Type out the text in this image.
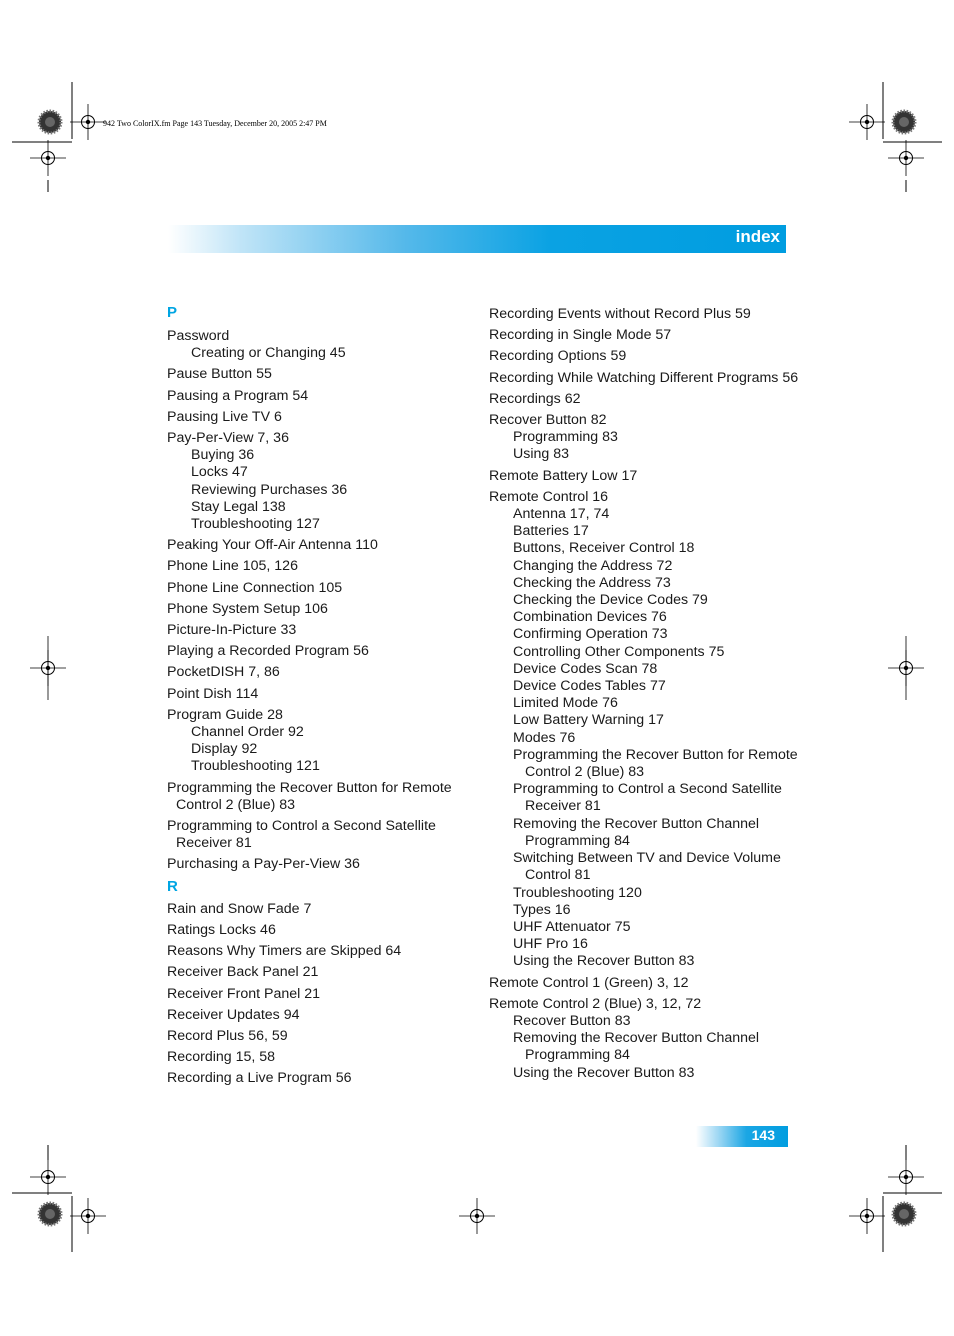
942 Two ColorIX.fm Page 143 Tuesday, December 20, 2005 2:47 PM
index
P
Password
Creating or Changing 45
Pause Button 55
Pausing a Program 54
Pausing Live TV 6
Pay-Per-View 7, 36
Buying 36
Locks 47
Reviewing Purchases 36
Stay Legal 138
Troubleshooting 127
Peaking Your Off-Air Antenna 110
Phone Line 105, 126
Phone Line Connection 105
Phone System Setup 106
Picture-In-Picture 33
Playing a Recorded Program 56
PocketDISH 7, 86
Point Dish 114
Program Guide 28
Channel Order 92
Display 92
Troubleshooting 121
Programming the Recover Button for Remote Control 2 (Blue) 83
Programming to Control a Second Satellite Receiver 81
Purchasing a Pay-Per-View 36
R
Rain and Snow Fade 7
Ratings Locks 46
Reasons Why Timers are Skipped 64
Receiver Back Panel 21
Receiver Front Panel 21
Receiver Updates 94
Record Plus 56, 59
Recording 15, 58
Recording a Live Program 56
Recording Events without Record Plus 59
Recording in Single Mode 57
Recording Options 59
Recording While Watching Different Programs 56
Recordings 62
Recover Button 82
Programming 83
Using 83
Remote Battery Low 17
Remote Control 16
Antenna 17, 74
Batteries 17
Buttons, Receiver Control 18
Changing the Address 72
Checking the Address 73
Checking the Device Codes 79
Combination Devices 76
Confirming Operation 73
Controlling Other Components 75
Device Codes Scan 78
Device Codes Tables 77
Limited Mode 76
Low Battery Warning 17
Modes 76
Programming the Recover Button for Remote Control 2 (Blue) 83
Programming to Control a Second Satellite Receiver 81
Removing the Recover Button Channel Programming 84
Switching Between TV and Device Volume Control 81
Troubleshooting 120
Types 16
UHF Attenuator 75
UHF Pro 16
Using the Recover Button 83
Remote Control 1 (Green) 3, 12
Remote Control 2 (Blue) 3, 12, 72
Recover Button 83
Removing the Recover Button Channel Programming 84
Using the Recover Button 83
143
